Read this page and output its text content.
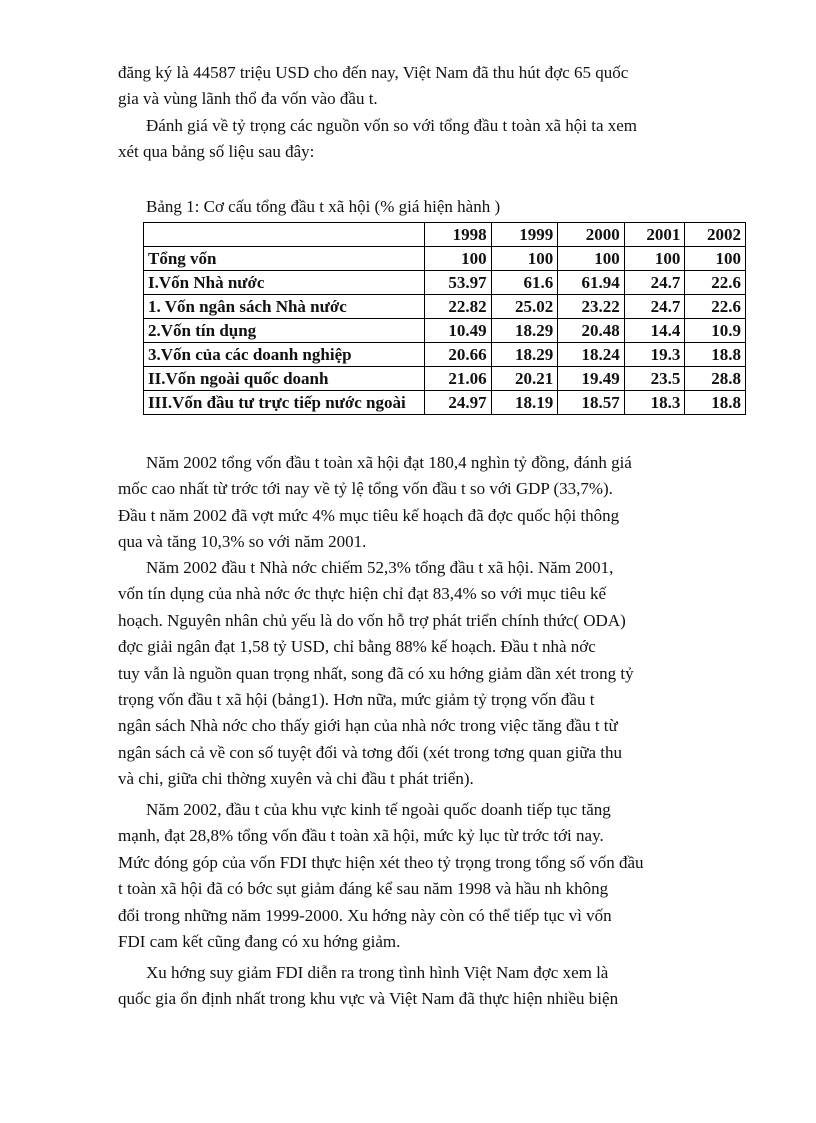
đăng ký là 44587 triệu USD cho đến nay, Việt Nam đã thu hút đợc 65 quốc
gia và vùng lãnh thổ đa vốn vào đầu t.
Đánh giá về tỷ trọng các nguồn vốn so với tổng đầu t toàn xã hội ta xem
xét qua bảng số liệu sau đây:
Bảng 1: Cơ cấu tổng đầu t xã hội (% giá hiện hành )
	1998	1999	2000	2001	2002
Tổng vốn	100	100	100	100	100
I.Vốn Nhà nước	53.97	61.6	61.94	24.7	22.6
1. Vốn ngân sách Nhà nước	22.82	25.02	23.22	24.7	22.6
2.Vốn tín dụng	10.49	18.29	20.48	14.4	10.9
3.Vốn của các doanh nghiệp	20.66	18.29	18.24	19.3	18.8
II.Vốn ngoài quốc doanh	21.06	20.21	19.49	23.5	28.8
III.Vốn đầu tư trực tiếp nước ngoài	24.97	18.19	18.57	18.3	18.8
Năm 2002 tổng vốn đầu t toàn xã hội đạt 180,4 nghìn tỷ đồng, đánh giá
mốc cao nhất từ trớc tới nay về tỷ lệ tổng vốn đầu t so với GDP (33,7%).
Đầu t năm 2002 đã vợt mức 4% mục tiêu kế hoạch đã đợc quốc hội thông
qua và tăng 10,3% so với năm 2001.
Năm 2002 đầu t Nhà nớc chiếm 52,3% tổng đầu t xã hội. Năm 2001,
vốn tín dụng của nhà nớc ớc thực hiện chỉ đạt 83,4% so với mục tiêu kế
hoạch. Nguyên nhân chủ yếu là do vốn hỗ trợ phát triển chính thức( ODA)
đợc giải ngân đạt 1,58 tỷ USD, chỉ bằng 88% kế hoạch. Đầu t nhà nớc
tuy vẫn là nguồn quan trọng nhất, song đã có xu hớng giảm dần xét trong tỷ
trọng vốn đầu t xã hội (bảng1). Hơn nữa, mức giảm tỷ trọng vốn đầu t
ngân sách Nhà nớc cho thấy giới hạn của nhà nớc trong việc tăng đầu t từ
ngân sách cả về con số tuyệt đối và tơng đối (xét trong tơng quan giữa thu
và chi, giữa chi thờng xuyên và chi đầu t phát triển).
Năm 2002, đầu t của khu vực kinh tế ngoài quốc doanh tiếp tục tăng
mạnh, đạt 28,8% tổng vốn đầu t toàn xã hội, mức kỷ lục từ trớc tới nay.
Mức đóng góp của vốn FDI thực hiện xét theo tỷ trọng trong tổng số vốn đầu
t toàn xã hội đã có bớc sụt giảm đáng kể sau năm 1998 và hầu nh không
đổi trong những năm 1999-2000. Xu hớng này còn có thể tiếp tục vì vốn
FDI cam kết cũng đang có xu hớng giảm.
Xu hớng suy giảm FDI diễn ra trong tình hình Việt Nam đợc xem là
quốc gia ổn định nhất trong khu vực và Việt Nam đã thực hiện nhiều biện
